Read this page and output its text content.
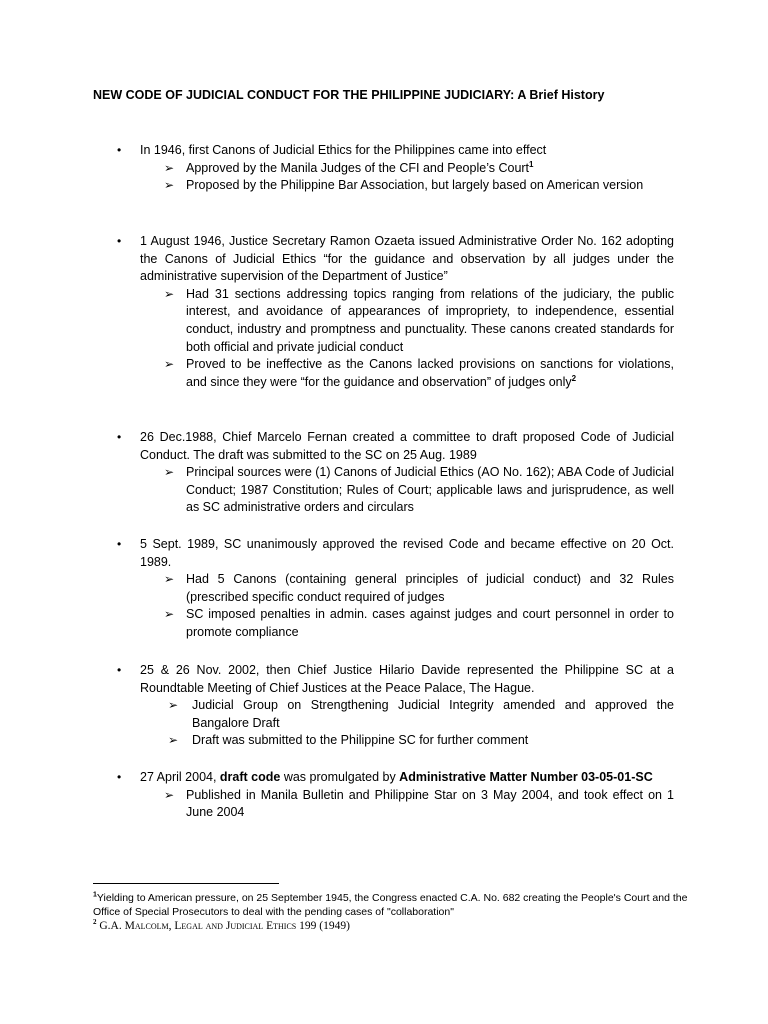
NEW CODE OF JUDICIAL CONDUCT FOR THE PHILIPPINE JUDICIARY: A Brief History
•	In 1946, first Canons of Judicial Ethics for the Philippines came into effect
➢ Approved by the Manila Judges of the CFI and People’s Court$^1$
➢ Proposed by the Philippine Bar Association, but largely based on American version
•	1 August 1946, Justice Secretary Ramon Ozaeta issued Administrative Order No. 162 adopting the Canons of Judicial Ethics “for the guidance and observation by all judges under the administrative supervision of the Department of Justice”
➢ Had 31 sections addressing topics ranging from relations of the judiciary, the public interest, and avoidance of appearances of impropriety, to independence, essential conduct, industry and promptness and punctuality. These canons created standards for both official and private judicial conduct
➢ Proved to be ineffective as the Canons lacked provisions on sanctions for violations, and since they were “for the guidance and observation” of judges only$^2$
•	26 Dec.1988, Chief Marcelo Fernan created a committee to draft proposed Code of Judicial Conduct. The draft was submitted to the SC on 25 Aug. 1989
➢ Principal sources were (1) Canons of Judicial Ethics (AO No. 162); ABA Code of Judicial Conduct; 1987 Constitution; Rules of Court; applicable laws and jurisprudence, as well as SC administrative orders and circulars
•	5 Sept. 1989, SC unanimously approved the revised Code and became effective on 20 Oct. 1989.
➢ Had 5 Canons (containing general principles of judicial conduct) and 32 Rules (prescribed specific conduct required of judges
➢ SC imposed penalties in admin. cases against judges and court personnel in order to promote compliance
•	25 & 26 Nov. 2002, then Chief Justice Hilario Davide represented the Philippine SC at a Roundtable Meeting of Chief Justices at the Peace Palace, The Hague.
➢ Judicial Group on Strengthening Judicial Integrity amended and approved the Bangalore Draft
➢ Draft was submitted to the Philippine SC for further comment
•	27 April 2004, draft code was promulgated by Administrative Matter Number 03-05-01-SC
➢ Published in Manila Bulletin and Philippine Star on 3 May 2004, and took effect on 1 June 2004
$^1$Yielding to American pressure, on 25 September 1945, the Congress enacted C.A. No. 682 creating the People's Court and the Office of Special Prosecutors to deal with the pending cases of "collaboration"
$^2$ G.A. Malcolm, Legal and Judicial Ethics 199 (1949)
